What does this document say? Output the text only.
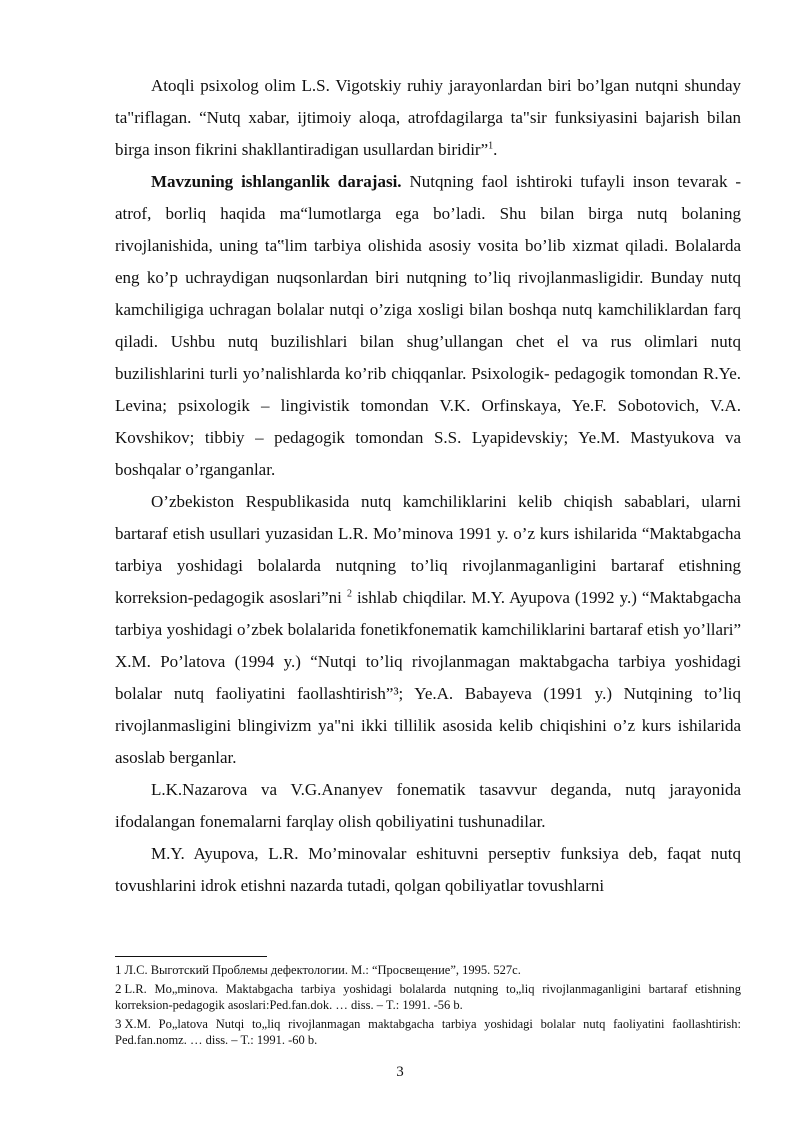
Atoqli psixolog olim L.S. Vigotskiy ruhiy jarayonlardan biri bo’lgan nutqni shunday ta"riflagan. “Nutq xabar, ijtimoiy aloqa, atrofdagilarga ta"sir funksiyasini bajarish bilan birga inson fikrini shakllantiradigan usullardan biridir”$^1$.

Mavzuning ishlanganlik darajasi. Nutqning faol ishtiroki tufayli inson tevarak - atrof, borliq haqida ma“lumotlarga ega bo’ladi. Shu bilan birga nutq bolaning rivojlanishida, uning ta‟lim tarbiya olishida asosiy vosita bo’lib xizmat qiladi. Bolalarda eng ko’p uchraydigan nuqsonlardan biri nutqning to’liq rivojlanmasligidir. Bunday nutq kamchiligiga uchragan bolalar nutqi o’ziga xosligi bilan boshqa nutq kamchiliklardan farq qiladi. Ushbu nutq buzilishlari bilan shug’ullangan chet el va rus olimlari nutq buzilishlarini turli yo’nalishlarda ko’rib chiqqanlar. Psixologik- pedagogik tomondan R.Ye. Levina; psixologik – lingivistik tomondan V.K. Orfinskaya, Ye.F. Sobotovich, V.A. Kovshikov; tibbiy – pedagogik tomondan S.S. Lyapidevskiy; Ye.M. Mastyukova va boshqalar o’rganganlar.

O’zbekiston Respublikasida nutq kamchiliklarini kelib chiqish sabablari, ularni bartaraf etish usullari yuzasidan L.R. Mo’minova 1991 y. o’z kurs ishilarida “Maktabgacha tarbiya yoshidagi bolalarda nutqning to’liq rivojlanmaganligini bartaraf etishning korreksion-pedagogik asoslari”ni $^2$ ishlab chiqdilar. M.Y. Ayupova (1992 y.) “Maktabgacha tarbiya yoshidagi o’zbek bolalarida fonetikfonematik kamchiliklarini bartaraf etish yo’llari” X.M. Po’latova (1994 y.) “Nutqi to’liq rivojlanmagan maktabgacha tarbiya yoshidagi bolalar nutq faoliyatini faollashtirish”³; Ye.A. Babayeva (1991 y.) Nutqining to’liq rivojlanmasligini blingivizm ya"ni ikki tillilik asosida kelib chiqishini o’z kurs ishilarida asoslab berganlar.

L.K.Nazarova va V.G.Ananyev fonematik tasavvur deganda, nutq jarayonida ifodalangan fonemalarni farqlay olish qobiliyatini tushunadilar.

M.Y. Ayupova, L.R. Mo’minovalar eshituvni perseptiv funksiya deb, faqat nutq tovushlarini idrok etishni nazarda tutadi, qolgan qobiliyatlar tovushlarni

1 Л.С. Выготский Проблемы дефектологии. М.: “Просвещение”, 1995. 527с.
2 L.R. Mo„minova. Maktabgacha tarbiya yoshidagi bolalarda nutqning to„liq rivojlanmaganligini bartaraf etishning korreksion-pedagogik asoslari:Ped.fan.dok. … diss. – T.: 1991. -56 b.
3 X.M. Po„latova Nutqi to„liq rivojlanmagan maktabgacha tarbiya yoshidagi bolalar nutq faoliyatini faollashtirish: Ped.fan.nomz. … diss. – T.: 1991. -60 b.
3
